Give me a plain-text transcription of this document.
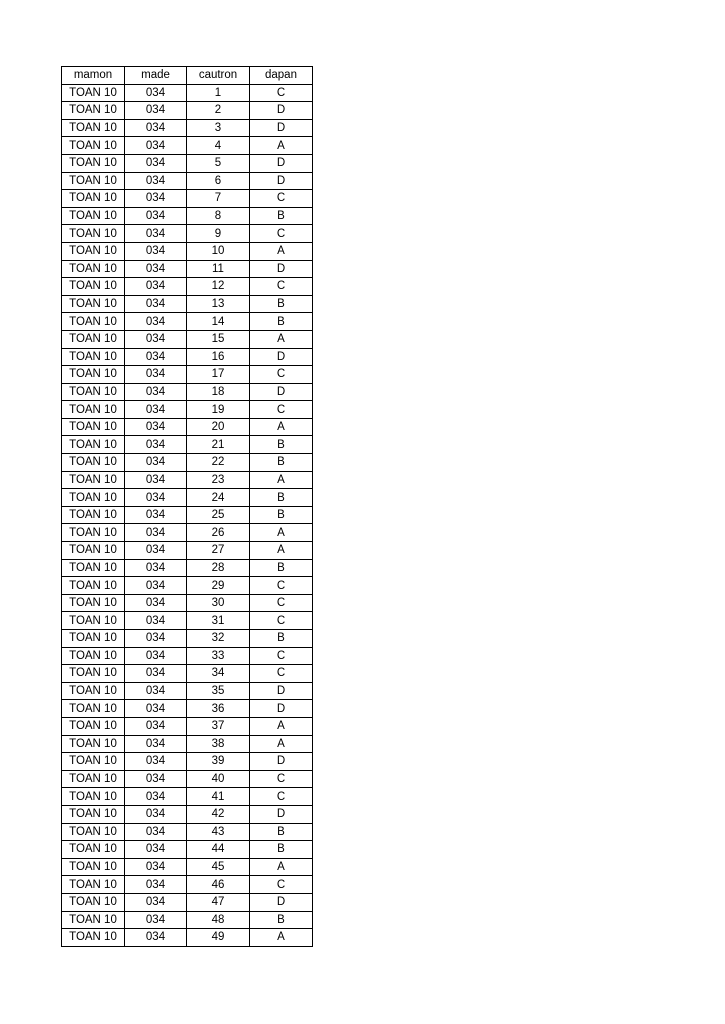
mamon	made	cautron	dapan
TOAN 10	034	1	C
TOAN 10	034	2	D
TOAN 10	034	3	D
TOAN 10	034	4	A
TOAN 10	034	5	D
TOAN 10	034	6	D
TOAN 10	034	7	C
TOAN 10	034	8	B
TOAN 10	034	9	C
TOAN 10	034	10	A
TOAN 10	034	11	D
TOAN 10	034	12	C
TOAN 10	034	13	B
TOAN 10	034	14	B
TOAN 10	034	15	A
TOAN 10	034	16	D
TOAN 10	034	17	C
TOAN 10	034	18	D
TOAN 10	034	19	C
TOAN 10	034	20	A
TOAN 10	034	21	B
TOAN 10	034	22	B
TOAN 10	034	23	A
TOAN 10	034	24	B
TOAN 10	034	25	B
TOAN 10	034	26	A
TOAN 10	034	27	A
TOAN 10	034	28	B
TOAN 10	034	29	C
TOAN 10	034	30	C
TOAN 10	034	31	C
TOAN 10	034	32	B
TOAN 10	034	33	C
TOAN 10	034	34	C
TOAN 10	034	35	D
TOAN 10	034	36	D
TOAN 10	034	37	A
TOAN 10	034	38	A
TOAN 10	034	39	D
TOAN 10	034	40	C
TOAN 10	034	41	C
TOAN 10	034	42	D
TOAN 10	034	43	B
TOAN 10	034	44	B
TOAN 10	034	45	A
TOAN 10	034	46	C
TOAN 10	034	47	D
TOAN 10	034	48	B
TOAN 10	034	49	A
